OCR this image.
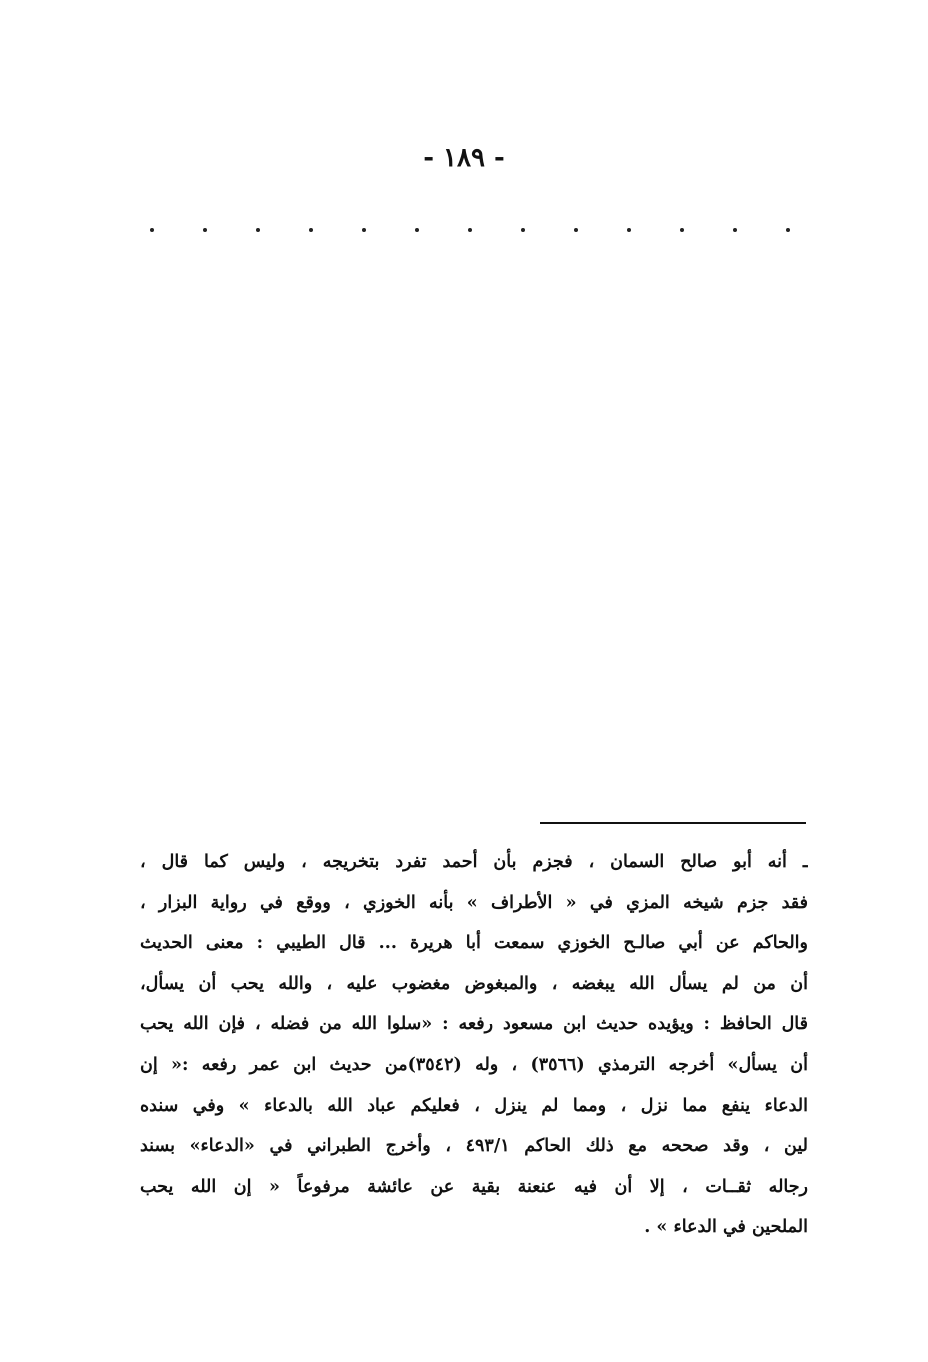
- ١٨٩ -
ـ أنه أبو صالح السمان ، فجزم بأن أحمد تفرد بتخريجه ، وليس كما قال ،
فقد جزم شيخه المزي في « الأطراف » بأنه الخوزي ، ووقع في رواية البزار ،
والحاكم عن أبي صالـح الخوزي سمعت أبا هريرة ... قال الطيبي : معنى الحديث
أن من لم يسأل الله يبغضه ، والمبغوض مغضوب عليه ، والله يحب أن يسأل،
قال الحافظ : ويؤيده حديث ابن مسعود رفعه : «سلوا الله من فضله ، فإن الله يحب
أن يسأل» أخرجه الترمذي (٣٥٦٦) ، وله (٣٥٤٢)من حديث ابن عمر رفعه :« إن
الدعاء ينفع مما نزل ، ومما لم ينزل ، فعليكم عباد الله بالدعاء » وفي سنده
لين ، وقد صححه مع ذلك الحاكم ٤٩٣/١ ، وأخرج الطبراني في «الدعاء» بسند
رجاله ثقــات ، إلا أن فيه عنعنة بقية عن عائشة مرفوعاً « إن الله يحب
الملحين في الدعاء » .
